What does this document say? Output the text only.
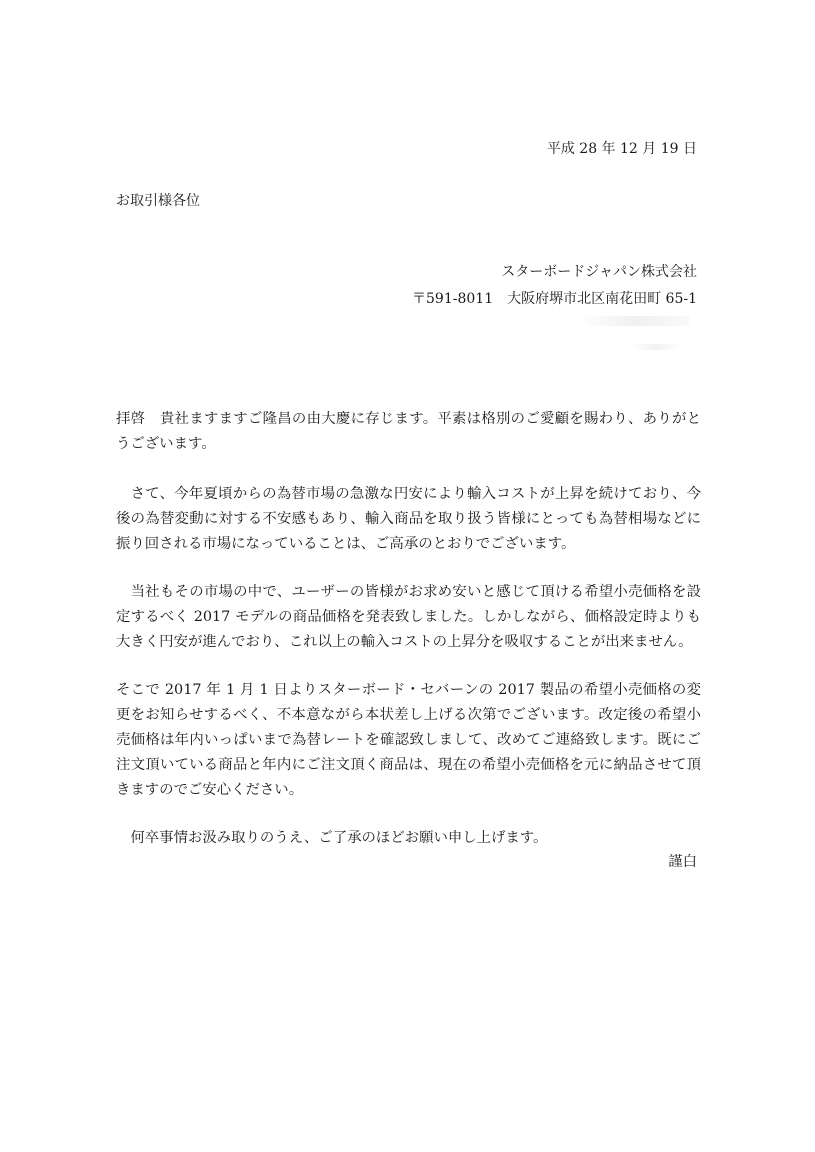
平成 28 年 12 月 19 日
お取引様各位
スターボードジャパン株式会社
〒591-8011　大阪府堺市北区南花田町 65-1

拝啓　貴社ますますご隆昌の由大慶に存じます。平素は格別のご愛顧を賜わり、ありがとうございます。

　さて、今年夏頃からの為替市場の急激な円安により輸入コストが上昇を続けており、今後の為替変動に対する不安感もあり、輸入商品を取り扱う皆様にとっても為替相場などに振り回される市場になっていることは、ご高承のとおりでございます。

　当社もその市場の中で、ユーザーの皆様がお求め安いと感じて頂ける希望小売価格を設定するべく 2017 モデルの商品価格を発表致しました。しかしながら、価格設定時よりも大きく円安が進んでおり、これ以上の輸入コストの上昇分を吸収することが出来ません。

そこで 2017 年 1 月 1 日よりスターボード・セバーンの 2017 製品の希望小売価格の変更をお知らせするべく、不本意ながら本状差し上げる次第でございます。改定後の希望小売価格は年内いっぱいまで為替レートを確認致しまして、改めてご連絡致します。既にご注文頂いている商品と年内にご注文頂く商品は、現在の希望小売価格を元に納品させて頂きますのでご安心ください。

　何卒事情お汲み取りのうえ、ご了承のほどお願い申し上げます。

謹白
